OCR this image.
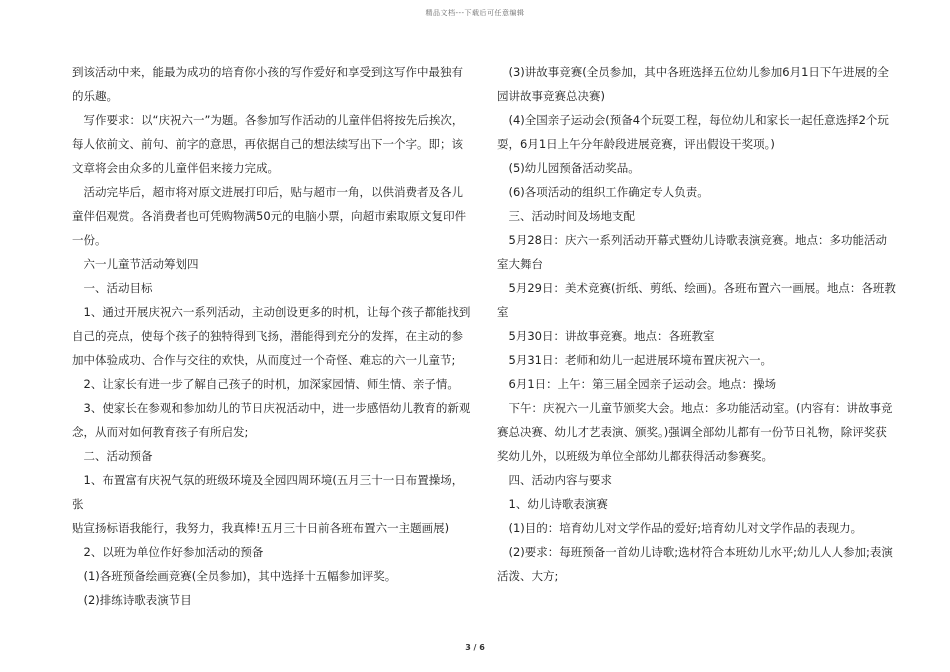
精品文档---下载后可任意编辑

到该活动中来，能最为成功的培育你小孩的写作爱好和享受到这写作中最独有

的乐趣。

　写作要求：以“庆祝六一”为题。各参加写作活动的儿童伴侣将按先后挨次，

每人依前文、前句、前字的意思，再依据自己的想法续写出下一个字。即；该

文章将会由众多的儿童伴侣来接力完成。

　活动完毕后，超市将对原文进展打印后，贴与超市一角，以供消费者及各儿

童伴侣观赏。各消费者也可凭购物满50元的电脑小票，向超市索取原文复印件

一份。

　六一儿童节活动筹划四

　一、活动目标

　1、通过开展庆祝六一系列活动，主动创设更多的时机，让每个孩子都能找到

自己的亮点，使每个孩子的独特得到飞扬，潜能得到充分的发挥，在主动的参

加中体验成功、合作与交往的欢快，从而度过一个奇怪、难忘的六一儿童节;

　2、让家长有进一步了解自己孩子的时机，加深家园情、师生情、亲子情。

　3、使家长在参观和参加幼儿的节日庆祝活动中，进一步感悟幼儿教育的新观

念，从而对如何教育孩子有所启发;

　二、活动预备

　1、布置富有庆祝气氛的班级环境及全园四周环境(五月三十一日布置操场，张

贴宣扬标语我能行，我努力，我真棒!五月三十日前各班布置六一主题画展)

　2、以班为单位作好参加活动的预备

　(1)各班预备绘画竞赛(全员参加)，其中选择十五幅参加评奖。

　(2)排练诗歌表演节目

　(3)讲故事竞赛(全员参加，其中各班选择五位幼儿参加6月1日下午进展的全

园讲故事竞赛总决赛)

　(4)全国亲子运动会(预备4个玩耍工程，每位幼儿和家长一起任意选择2个玩

耍，6月1日上午分年龄段进展竞赛，评出假设干奖项。)

　(5)幼儿园预备活动奖品。

　(6)各项活动的组织工作确定专人负责。

　三、活动时间及场地支配

　5月28日：庆六一系列活动开幕式暨幼儿诗歌表演竞赛。地点：多功能活动

室大舞台

　5月29日：美术竞赛(折纸、剪纸、绘画)。各班布置六一画展。地点：各班教

室

　5月30日：讲故事竞赛。地点：各班教室

　5月31日：老师和幼儿一起进展环境布置庆祝六一。

　6月1日：上午：第三届全园亲子运动会。地点：操场

　下午：庆祝六一儿童节颁奖大会。地点：多功能活动室。(内容有：讲故事竞

赛总决赛、幼儿才艺表演、颁奖。)强调全部幼儿都有一份节日礼物，除评奖获

奖幼儿外，以班级为单位全部幼儿都获得活动参赛奖。

　四、活动内容与要求

　1、幼儿诗歌表演赛

　(1)目的：培育幼儿对文学作品的爱好;培育幼儿对文学作品的表现力。

　(2)要求：每班预备一首幼儿诗歌;选材符合本班幼儿水平;幼儿人人参加;表演

活泼、大方;

3 / 6
